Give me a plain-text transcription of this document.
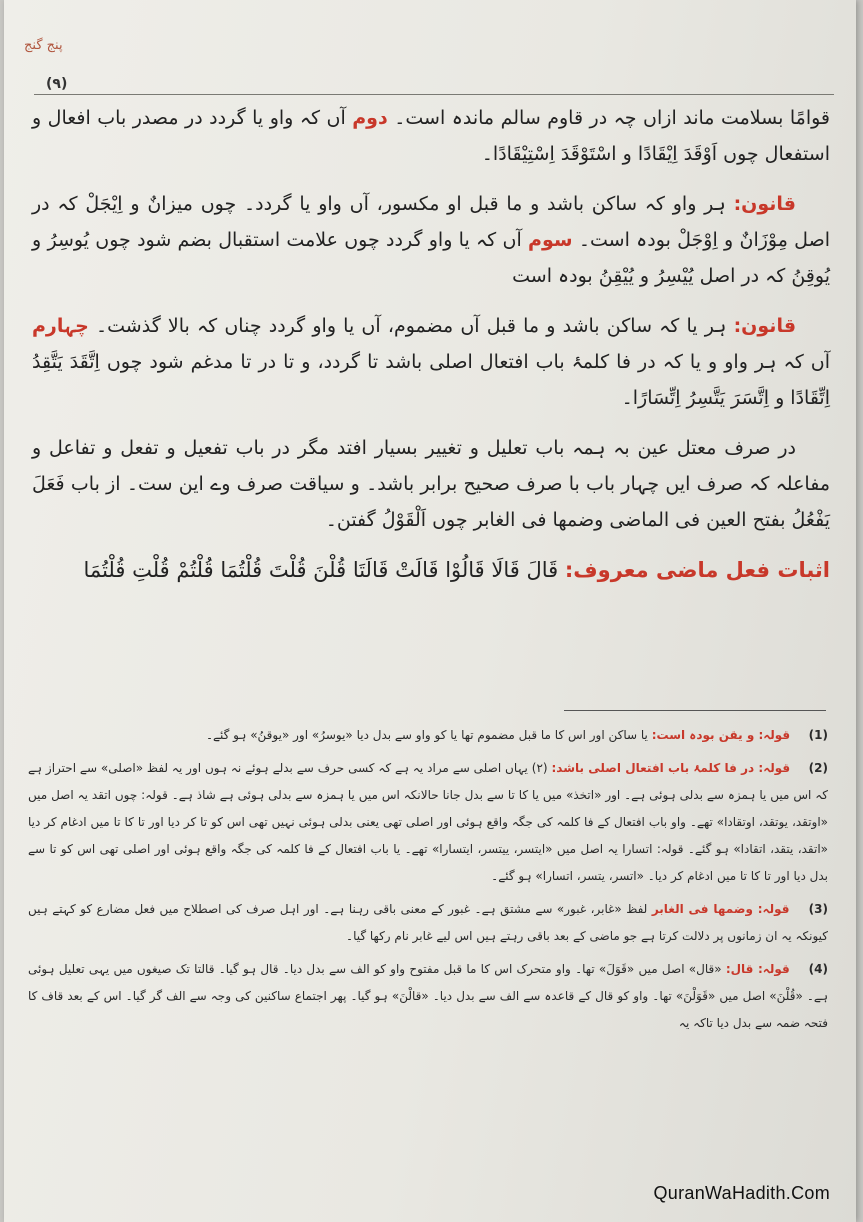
پنج گنج
(٩)

قوامًا بسلامت ماند ازاں چہ در قاوم سالم ماندہ است۔ دوم آں کہ واو یا گردد در مصدر باب افعال و استفعال چوں اَوْقَدَ اِیْقَادًا و اسْتَوْقَدَ اِسْتِیْقَادًا۔

قانون: ہر واو کہ ساکن باشد و ما قبل او مکسور، آں واو یا گردد۔ چوں میزانٌ و اِیْجَلْ کہ در اصل مِوْزَانٌ و اِوْجَلْ بودہ است۔ سوم آں کہ یا واو گردد چوں علامت استقبال بضم شود چوں یُوسِرُ و یُوقِنُ کہ در اصل یُیْسِرُ و یُیْقِنُ بودہ است

قانون: ہر یا کہ ساکن باشد و ما قبل آں مضموم، آں یا واو گردد چناں کہ بالا گذشت۔ چہارم آں کہ ہر واو و یا کہ در فا کلمۂ باب افتعال اصلی باشد تا گردد، و تا در تا مدغم شود چوں اِتَّقَدَ یَتَّقِدُ اِتِّقَادًا و اِتَّسَرَ یَتَّسِرُ اِتِّسَارًا۔

در صرف معتل عین بہ ہمہ باب تعلیل و تغییر بسیار افتد مگر در باب تفعیل و تفعل و تفاعل و مفاعلہ کہ صرف ایں چہار باب با صرف صحیح برابر باشد۔ و سیاقت صرف وے این ست۔ از باب فَعَلَ یَفْعُلُ بفتح العین فی الماضی وضمها فی الغابر چوں اَلْقَوْلُ گفتن۔

اثبات فعل ماضی معروف: قَالَ قَالَا قَالُوْا قَالَتْ قَالَتَا قُلْنَ قُلْتَ قُلْتُمَا قُلْتُمْ قُلْتِ قُلْتُمَا

(1) قولہ: و یقن بودہ است: یا ساکن اور اس کا ما قبل مضموم تھا یا کو واو سے بدل دیا «یوسرُ» اور «یوقنُ» ہو گئے۔

(2) قولہ: در فا کلمۂ باب افتعال اصلی باشد: (۲) یہاں اصلی سے مراد یہ ہے کہ کسی حرف سے بدلے ہوئے نہ ہوں اور یہ لفظ «اصلی» سے احتراز ہے کہ اس میں یا ہمزہ سے بدلی ہوئی ہے۔ اور «اتخذ» میں یا کا تا سے بدل جانا حالانکہ اس میں یا ہمزہ سے بدلی ہوئی ہے شاذ ہے۔ قولہ: چوں اتقد یہ اصل میں «اوتقد، یوتقد، اوتقادا» تھے۔ واو باب افتعال کے فا کلمہ کی جگہ واقع ہوئی اور اصلی تھی یعنی بدلی ہوئی نہیں تھی اس کو تا کر دیا اور تا کا تا میں ادغام کر دیا «اتقد، یتقد، اتقادا» ہو گئے۔ قولہ: اتسارا یہ اصل میں «ایتسر، ییتسر، ایتسارا» تھے۔ یا باب افتعال کے فا کلمہ کی جگہ واقع ہوئی اور اصلی تھی اس کو تا سے بدل دیا اور تا کا تا میں ادغام کر دیا۔ «اتسر، یتسر، اتسارا» ہو گئے۔

(3) قولہ: وضمها فی الغابر لفظ «غابر، غبور» سے مشتق ہے۔ غبور کے معنی باقی رہنا ہے۔ اور اہل صرف کی اصطلاح میں فعل مضارع کو کہتے ہیں کیونکہ یہ ان زمانوں پر دلالت کرتا ہے جو ماضی کے بعد باقی رہتے ہیں اس لیے غابر نام رکھا گیا۔

(4) قولہ: قال: «قال» اصل میں «قَوَلَ» تھا۔ واو متحرک اس کا ما قبل مفتوح واو کو الف سے بدل دیا۔ قال ہو گیا۔ قالتا تک صیغوں میں یہی تعلیل ہوئی ہے۔ «قُلْنَ» اصل میں «قَوَلْنَ» تھا۔ واو کو قال کے قاعدہ سے الف سے بدل دیا۔ «قالْنَ» ہو گیا۔ پھر اجتماع ساکنین کی وجہ سے الف گر گیا۔ اس کے بعد قاف کا فتحہ ضمہ سے بدل دیا تاکہ یہ

QuranWaHadith.Com
